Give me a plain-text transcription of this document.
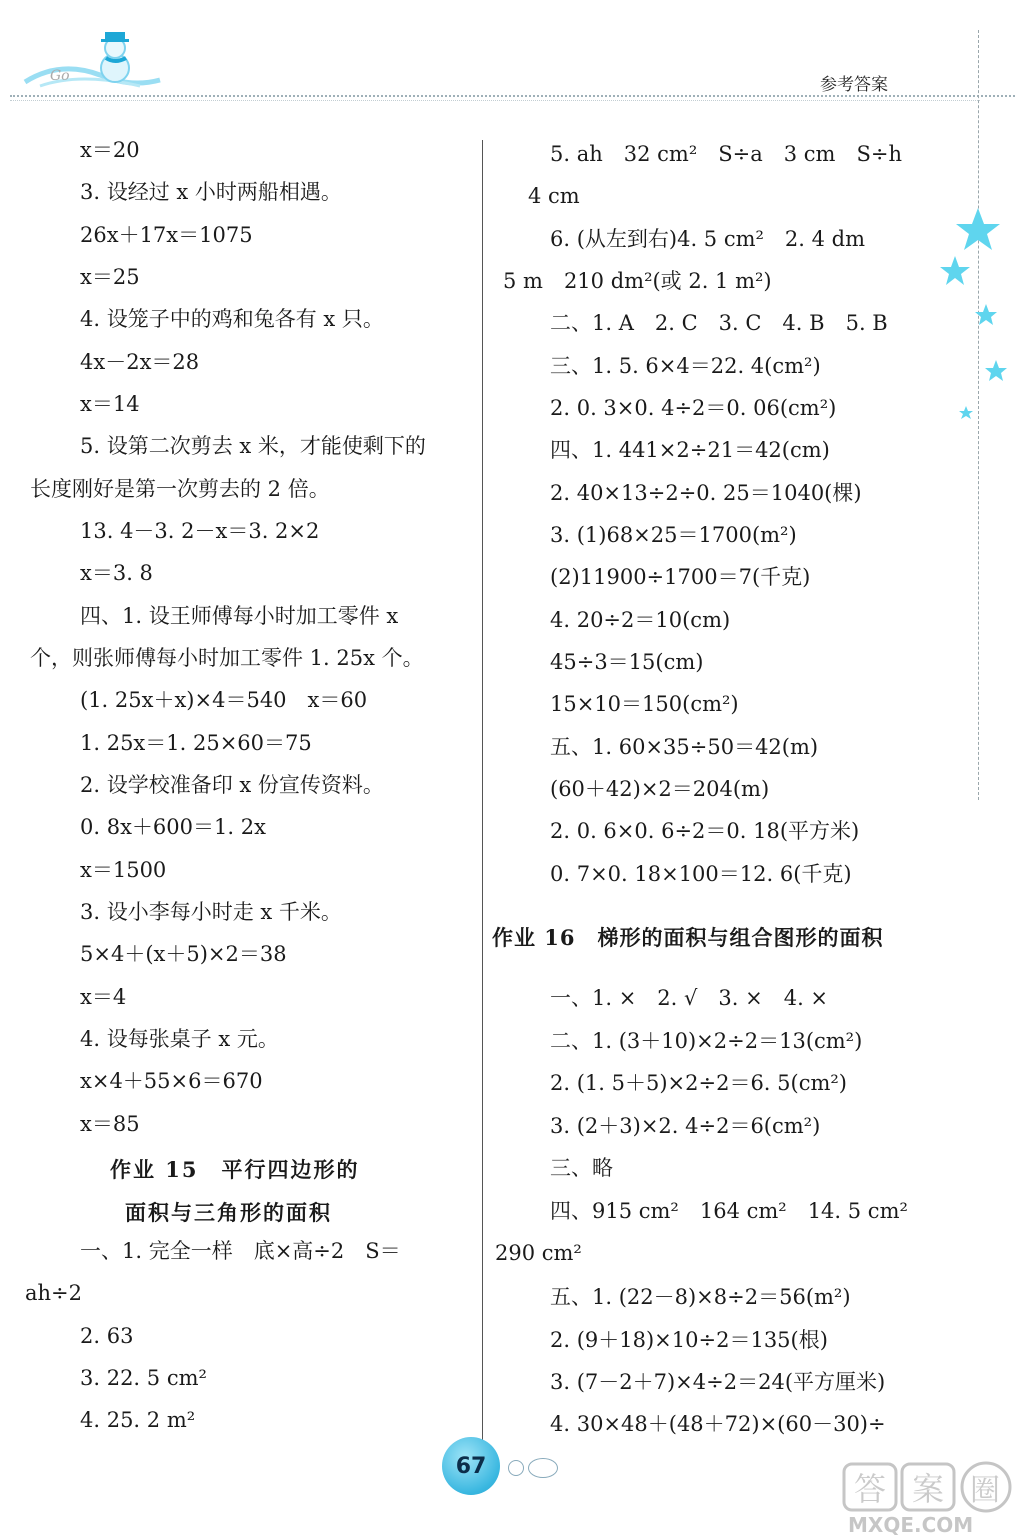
Go	参考答案
x＝20
3. 设经过 x 小时两船相遇。
26x＋17x＝1075
x＝25
4. 设笼子中的鸡和兔各有 x 只。
4x－2x＝28
x＝14
5. 设第二次剪去 x 米，才能使剩下的
长度刚好是第一次剪去的 2 倍。
13. 4－3. 2－x＝3. 2×2
x＝3. 8
四、1. 设王师傅每小时加工零件 x
个，则张师傅每小时加工零件 1. 25x 个。
(1. 25x＋x)×4＝540　x＝60
1. 25x＝1. 25×60＝75
2. 设学校准备印 x 份宣传资料。
0. 8x＋600＝1. 2x
x＝1500
3. 设小李每小时走 x 千米。
5×4＋(x＋5)×2＝38
x＝4
4. 设每张桌子 x 元。
x×4＋55×6＝670
x＝85
作业 15　平行四边形的
面积与三角形的面积
一、1. 完全一样　底×高÷2　S＝
ah÷2
2. 63
3. 22. 5 cm²
4. 25. 2 m²
5. ah　32 cm²　S÷a　3 cm　S÷h
4 cm
6. (从左到右)4. 5 cm²　2. 4 dm
5 m　210 dm²(或 2. 1 m²)
二、1. A　2. C　3. C　4. B　5. B
三、1. 5. 6×4＝22. 4(cm²)
2. 0. 3×0. 4÷2＝0. 06(cm²)
四、1. 441×2÷21＝42(cm)
2. 40×13÷2÷0. 25＝1040(棵)
3. (1)68×25＝1700(m²)
(2)11900÷1700＝7(千克)
4. 20÷2＝10(cm)
45÷3＝15(cm)
15×10＝150(cm²)
五、1. 60×35÷50＝42(m)
(60＋42)×2＝204(m)
2. 0. 6×0. 6÷2＝0. 18(平方米)
0. 7×0. 18×100＝12. 6(千克)
作业 16　梯形的面积与组合图形的面积
一、1. ×　2. √　3. ×　4. ×
二、1. (3＋10)×2÷2＝13(cm²)
2. (1. 5＋5)×2÷2＝6. 5(cm²)
3. (2＋3)×2. 4÷2＝6(cm²)
三、略
四、915 cm²　164 cm²　14. 5 cm²
290 cm²
五、1. (22－8)×8÷2＝56(m²)
2. (9＋18)×10÷2＝135(根)
3. (7－2＋7)×4÷2＝24(平方厘米)
4. 30×48＋(48＋72)×(60－30)÷
67
答 案 圈
MXQE.COM
